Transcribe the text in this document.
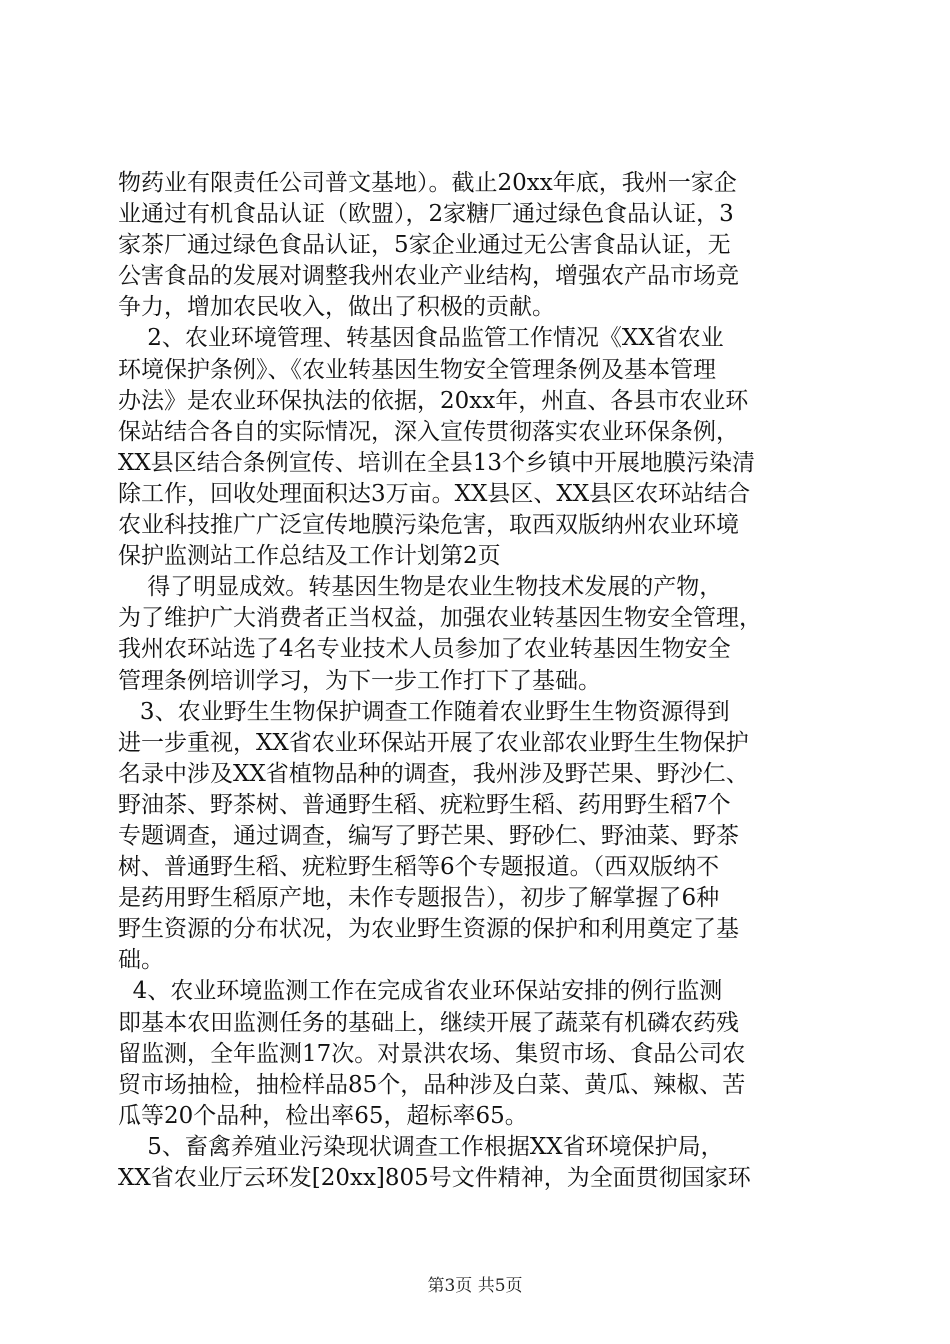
物药业有限责任公司普文基地）。截止20xx年底，我州一家企
业通过有机食品认证（欧盟），2家糖厂通过绿色食品认证，3
家茶厂通过绿色食品认证，5家企业通过无公害食品认证，无
公害食品的发展对调整我州农业产业结构，增强农产品市场竞
争力，增加农民收入，做出了积极的贡献。
2、农业环境管理、转基因食品监管工作情况《XX省农业
环境保护条例》、《农业转基因生物安全管理条例及基本管理
办法》是农业环保执法的依据，20xx年，州直、各县市农业环
保站结合各自的实际情况，深入宣传贯彻落实农业环保条例，
XX县区结合条例宣传、培训在全县13个乡镇中开展地膜污染清
除工作，回收处理面积达3万亩。XX县区、XX县区农环站结合
农业科技推广广泛宣传地膜污染危害，取西双版纳州农业环境
保护监测站工作总结及工作计划第2页
得了明显成效。转基因生物是农业生物技术发展的产物，
为了维护广大消费者正当权益，加强农业转基因生物安全管理，
我州农环站选了4名专业技术人员参加了农业转基因生物安全
管理条例培训学习，为下一步工作打下了基础。
3、农业野生生物保护调查工作随着农业野生生物资源得到
进一步重视，XX省农业环保站开展了农业部农业野生生物保护
名录中涉及XX省植物品种的调查，我州涉及野芒果、野沙仁、
野油茶、野茶树、普通野生稻、疣粒野生稻、药用野生稻7个
专题调查，通过调查，编写了野芒果、野砂仁、野油菜、野茶
树、普通野生稻、疣粒野生稻等6个专题报道。（西双版纳不
是药用野生稻原产地，未作专题报告），初步了解掌握了6种
野生资源的分布状况，为农业野生资源的保护和利用奠定了基
础。
4、农业环境监测工作在完成省农业环保站安排的例行监测
即基本农田监测任务的基础上，继续开展了蔬菜有机磷农药残
留监测，全年监测17次。对景洪农场、集贸市场、食品公司农
贸市场抽检，抽检样品85个，品种涉及白菜、黄瓜、辣椒、苦
瓜等20个品种，检出率65，超标率65。
5、畜禽养殖业污染现状调查工作根据XX省环境保护局，
XX省农业厅云环发[20xx]805号文件精神，为全面贯彻国家环
第3页 共5页
